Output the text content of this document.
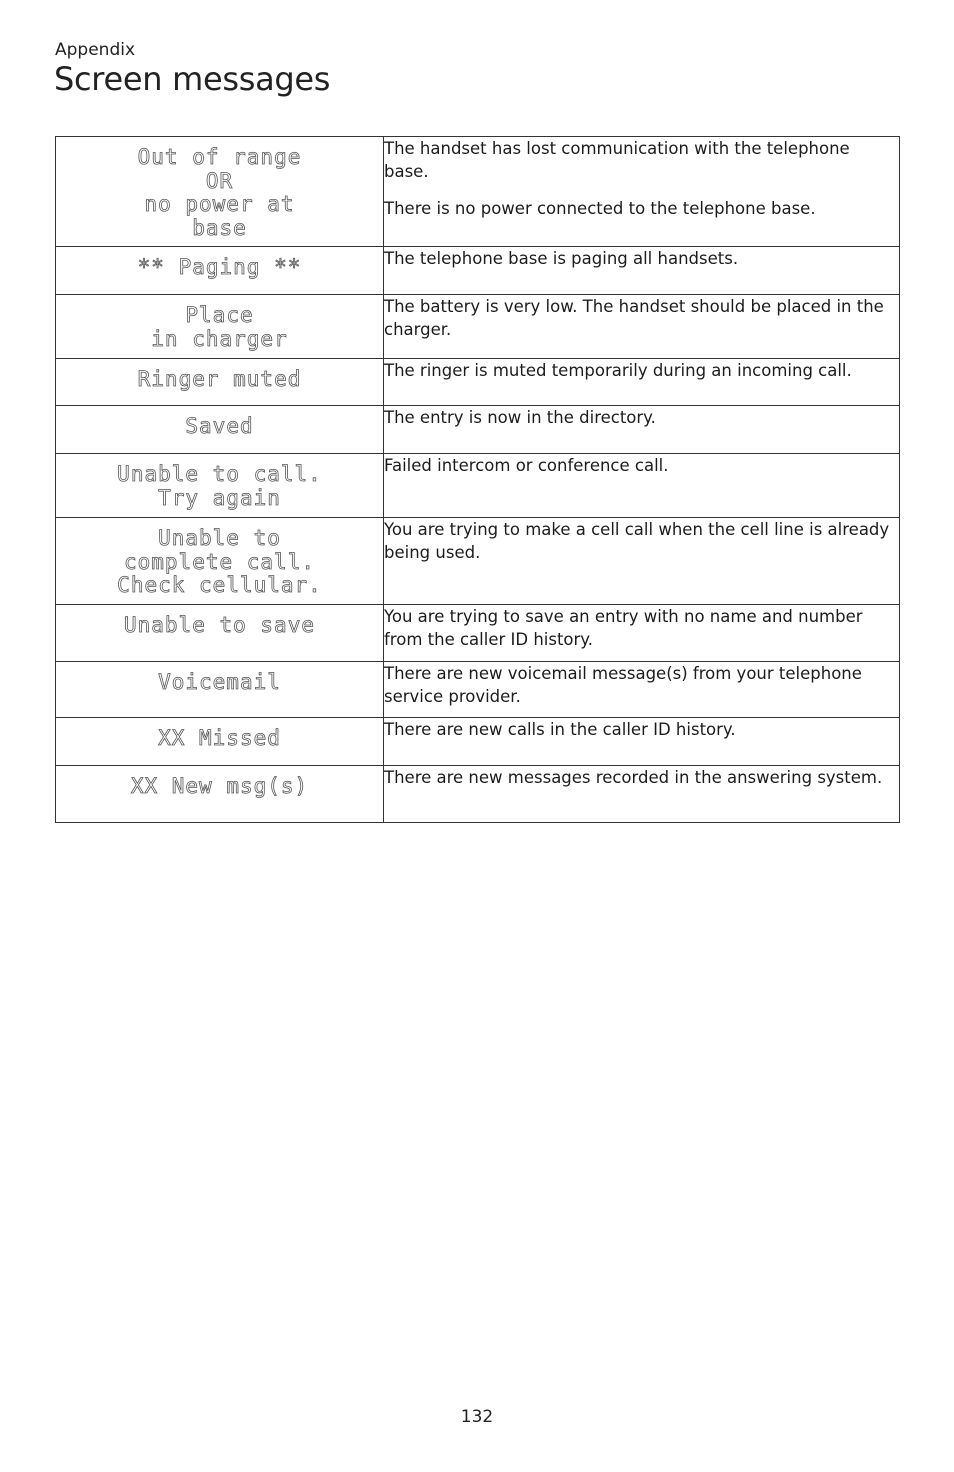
Appendix
Screen messages
Out of range
OR
no power at
base	The handset has lost communication with the telephone base.
There is no power connected to the telephone base.

** Paging **	The telephone base is paging all handsets.

Place
in charger	The battery is very low. The handset should be placed in the charger.

Ringer muted	The ringer is muted temporarily during an incoming call.

Saved	The entry is now in the directory.

Unable to call.
Try again	Failed intercom or conference call.

Unable to
complete call.
Check cellular.	You are trying to make a cell call when the cell line is already being used.

Unable to save	You are trying to save an entry with no name and number from the caller ID history.

Voicemail	There are new voicemail message(s) from your telephone service provider.

XX Missed	There are new calls in the caller ID history.

XX New msg(s)	There are new messages recorded in the answering system.
132
